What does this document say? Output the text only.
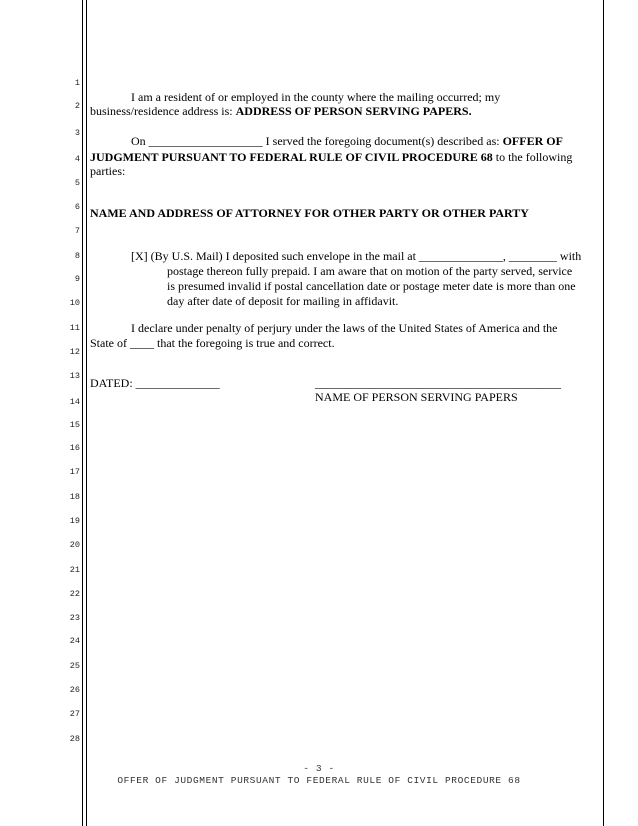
1
2
3
4
5
6
7
8
9
10
11
12
13
14
15
16
17
18
19
20
21
22
23
24
25
26
27
28
I am a resident of or employed in the county where the mailing occurred; my
business/residence address is: ADDRESS OF PERSON SERVING PAPERS.
On ___________________ I served the foregoing document(s) described as: OFFER OF
JUDGMENT PURSUANT TO FEDERAL RULE OF CIVIL PROCEDURE 68 to the following
parties:
NAME AND ADDRESS OF ATTORNEY FOR OTHER PARTY OR OTHER PARTY
[X] (By U.S. Mail) I deposited such envelope in the mail at ______________, ________ with
postage thereon fully prepaid. I am aware that on motion of the party served, service
is presumed invalid if postal cancellation date or postage meter date is more than one
day after date of deposit for mailing in affidavit.
I declare under penalty of perjury under the laws of the United States of America and the
State of ____ that the foregoing is true and correct.
DATED: ______________	_________________________________________
NAME OF PERSON SERVING PAPERS
- 3 -
OFFER OF JUDGMENT PURSUANT TO FEDERAL RULE OF CIVIL PROCEDURE 68
